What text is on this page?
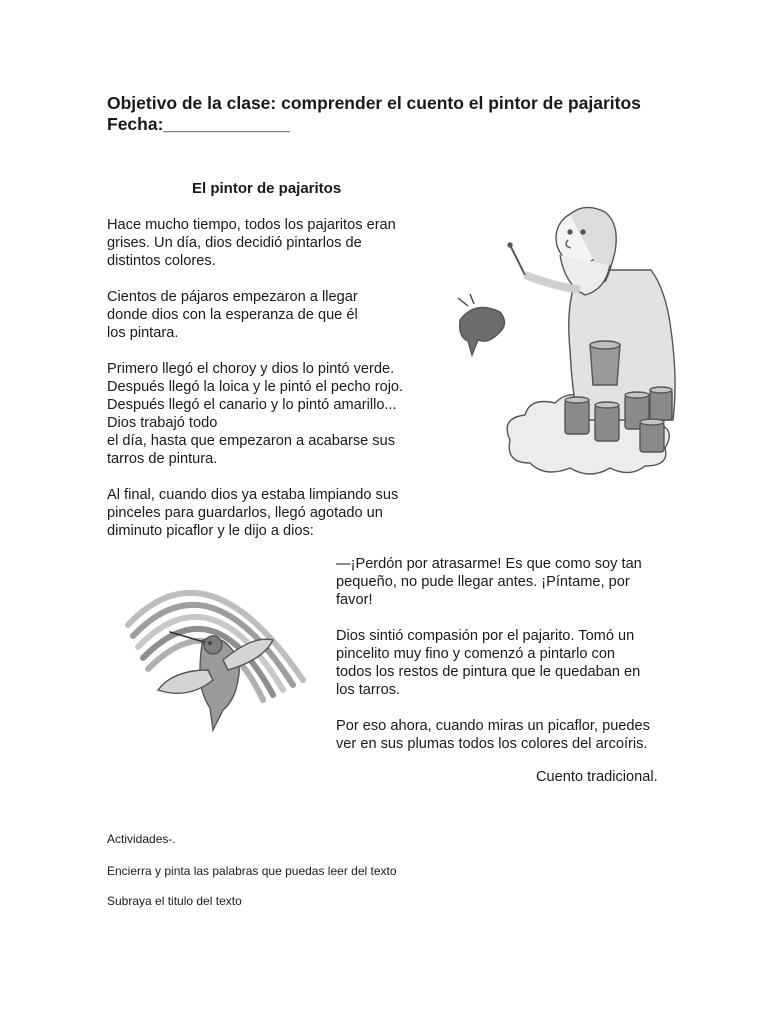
Objetivo de la clase: comprender el cuento el pintor de pajaritos
Fecha:_____________
El pintor de pajaritos
Hace mucho tiempo, todos los pajaritos eran
grises. Un día, dios decidió pintarlos de
distintos colores.
Cientos de pájaros empezaron a llegar
donde dios con la esperanza de que él
los pintara.
Primero llegó el choroy y dios lo pintó verde.
Después llegó la loica y le pintó el pecho rojo.
Después llegó el canario y lo pintó amarillo...
Dios trabajó todo
el día, hasta que empezaron a acabarse sus
tarros de pintura.
Al final, cuando dios ya estaba limpiando sus
pinceles para guardarlos, llegó agotado un
diminuto picaflor y le dijo a dios:
—¡Perdón por atrasarme! Es que como soy tan
pequeño, no pude llegar antes. ¡Píntame, por
favor!
Dios sintió compasión por el pajarito. Tomó un
pincelito muy fino y comenzó a pintarlo con
todos los restos de pintura que le quedaban en
los tarros.
Por eso ahora, cuando miras un picaflor, puedes
ver en sus plumas todos los colores del arcoíris.
Cuento tradicional.
Actividades-.
Encierra y pinta las palabras que puedas leer del texto
Subraya el titulo del texto
